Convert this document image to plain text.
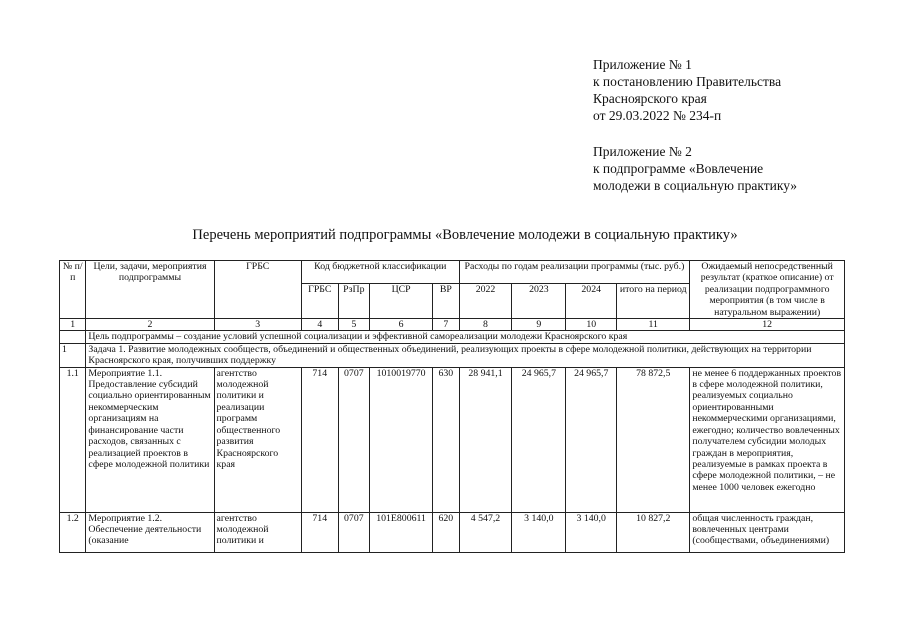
Приложение № 1
к постановлению Правительства
Красноярского края
от 29.03.2022 № 234-п
Приложение № 2
к подпрограмме «Вовлечение
молодежи в социальную практику»
Перечень мероприятий подпрограммы «Вовлечение молодежи в социальную практику»
№ п/п	Цели, задачи, мероприятия подпрограммы	ГРБС	Код бюджетной классификации				Расходы по годам реализации программы (тыс. руб.)				Ожидаемый непосредственный результат (краткое описание) от реализации подпрограммного мероприятия (в том числе в натуральном выражении)
			ГРБС	РзПр	ЦСР	ВР	2022	2023	2024	итого на период	
1	2	3	4	5	6	7	8	9	10	11	12
	Цель подпрограммы – создание условий успешной социализации и эффективной самореализации молодежи Красноярского края										
1	Задача 1. Развитие молодежных сообществ, объединений и общественных объединений, реализующих проекты в сфере молодежной политики, действующих на территории Красноярского края, получивших поддержку										
1.1	Мероприятие 1.1. Предоставление субсидий социально ориентированным некоммерческим организациям на финансирование части расходов, связанных с реализацией проектов в сфере молодежной политики	агентство молодежной политики и реализации программ общественного развития Красноярского края	714	0707	1010019770	630	28 941,1	24 965,7	24 965,7	78 872,5	не менее 6 поддержанных проектов в сфере молодежной политики, реализуемых социально ориентированными некоммерческими организациями, ежегодно; количество вовлеченных получателем субсидии молодых граждан в мероприятия, реализуемые в рамках проекта в сфере молодежной политики, – не менее 1000 человек ежегодно
1.2	Мероприятие 1.2. Обеспечение деятельности (оказание	агентство молодежной политики и	714	0707	101E800611	620	4 547,2	3 140,0	3 140,0	10 827,2	общая численность граждан, вовлеченных центрами (сообществами, объединениями)
